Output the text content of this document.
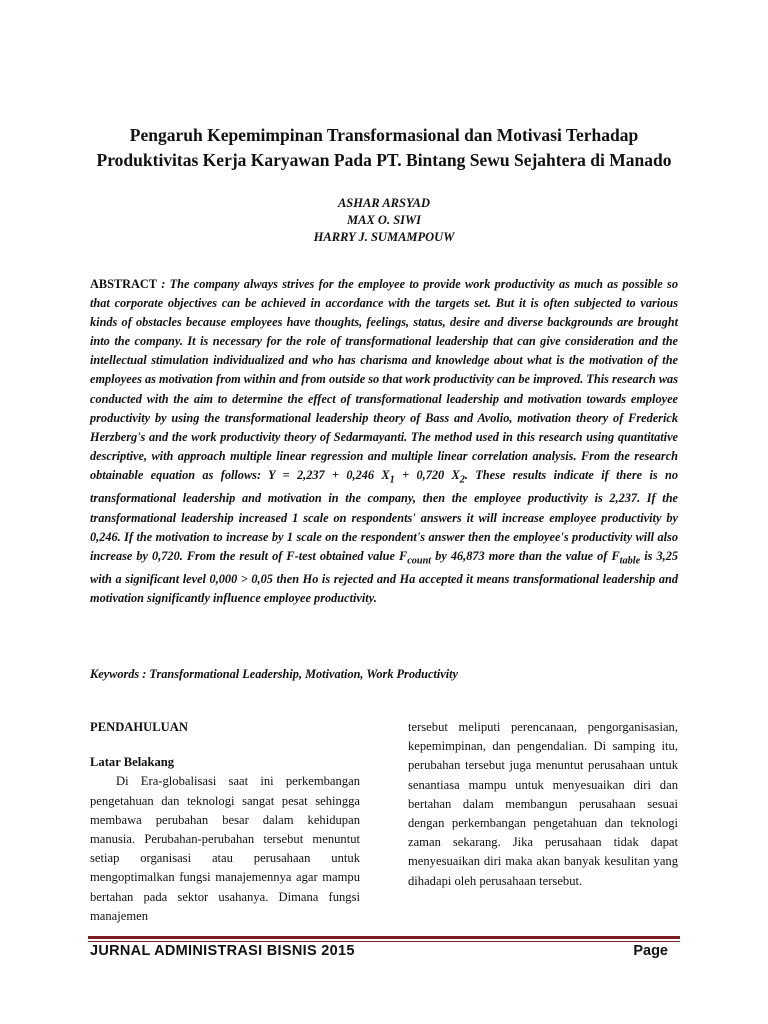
Pengaruh Kepemimpinan Transformasional dan Motivasi Terhadap
Produktivitas Kerja Karyawan Pada PT. Bintang Sewu Sejahtera di Manado
ASHAR ARSYAD
MAX O. SIWI
HARRY J. SUMAMPOUW
ABSTRACT : The company always strives for the employee to provide work productivity as much as possible so that corporate objectives can be achieved in accordance with the targets set. But it is often subjected to various kinds of obstacles because employees have thoughts, feelings, status, desire and diverse backgrounds are brought into the company. It is necessary for the role of transformational leadership that can give consideration and the intellectual stimulation individualized and who has charisma and knowledge about what is the motivation of the employees as motivation from within and from outside so that work productivity can be improved. This research was conducted with the aim to determine the effect of transformational leadership and motivation towards employee productivity by using the transformational leadership theory of Bass and Avolio, motivation theory of Frederick Herzberg's and the work productivity theory of Sedarmayanti. The method used in this research using quantitative descriptive, with approach multiple linear regression and multiple linear correlation analysis. From the research obtainable equation as follows: Y = 2,237 + 0,246 $X_1 + 0,720$ $X_2$. These results indicate if there is no transformational leadership and motivation in the company, then the employee productivity is 2,237. If the transformational leadership increased 1 scale on respondents' answers it will increase employee productivity by 0,246. If the motivation to increase by 1 scale on the respondent's answer then the employee's productivity will also increase by 0,720. From the result of F-test obtained value $F_{count}$ by 46,873 more than the value of $F_{table}$ is 3,25 with a significant level 0,000 > 0,05 then Ho is rejected and Ha accepted it means transformational leadership and motivation significantly influence employee productivity.
Keywords : Transformational Leadership, Motivation, Work Productivity

PENDAHULUAN

Latar Belakang

Di Era-globalisasi saat ini perkembangan pengetahuan dan teknologi sangat pesat sehingga membawa perubahan besar dalam kehidupan manusia. Perubahan-perubahan tersebut menuntut setiap organisasi atau perusahaan untuk mengoptimalkan fungsi manajemennya agar mampu bertahan pada sektor usahanya. Dimana fungsi manajemen

tersebut meliputi perencanaan, pengorganisasian, kepemimpinan, dan pengendalian. Di samping itu, perubahan tersebut juga menuntut perusahaan untuk senantiasa mampu untuk menyesuaikan diri dan bertahan dalam membangun perusahaan sesuai dengan perkembangan pengetahuan dan teknologi zaman sekarang. Jika perusahaan tidak dapat menyesuaikan diri maka akan banyak kesulitan yang dihadapi oleh perusahaan tersebut.

JURNAL ADMINISTRASI BISNIS 2015	Page
